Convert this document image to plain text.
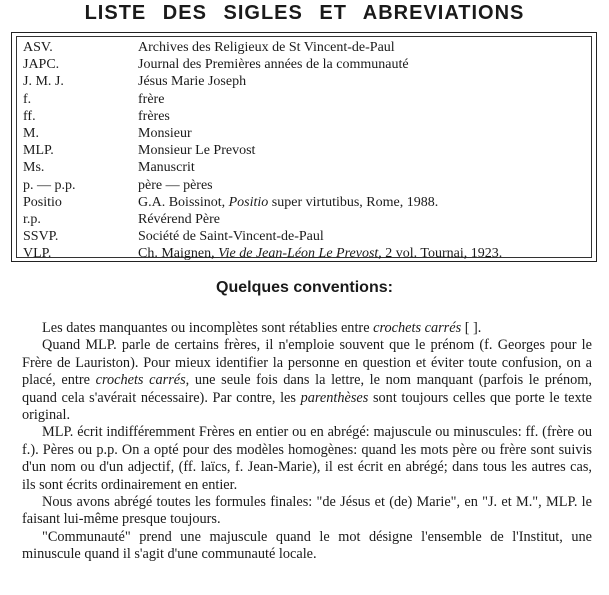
LISTE DES SIGLES ET ABREVIATIONS
ASV.	Archives des Religieux de St Vincent-de-Paul
JAPC.	Journal des Premières années de la communauté
J. M. J.	Jésus Marie Joseph
f.	frère
ff.	frères
M.	Monsieur
MLP.	Monsieur Le Prevost
Ms.	Manuscrit
p. — p.p.	père — pères
Positio	G.A. Boissinot, Positio super virtutibus, Rome, 1988.
r.p.	Révérend Père
SSVP.	Société de Saint-Vincent-de-Paul
VLP.	Ch. Maignen, Vie de Jean-Léon Le Prevost, 2 vol. Tournai, 1923.
Quelques conventions:

Les dates manquantes ou incomplètes sont rétablies entre crochets carrés [ ].

Quand MLP. parle de certains frères, il n'emploie souvent que le prénom (f. Georges pour le Frère de Lauriston). Pour mieux identifier la personne en question et éviter toute confusion, on a placé, entre crochets carrés, une seule fois dans la lettre, le nom manquant (parfois le prénom, quand cela s'avérait nécessaire). Par contre, les parenthèses sont toujours celles que porte le texte original.

MLP. écrit indifféremment Frères en entier ou en abrégé: majuscule ou minuscules: ff. (frère ou f.). Pères ou p.p. On a opté pour des modèles homogènes: quand les mots père ou frère sont suivis d'un nom ou d'un adjectif, (ff. laïcs, f. Jean-Marie), il est écrit en abrégé; dans tous les autres cas, ils sont écrits ordinairement en entier.

Nous avons abrégé toutes les formules finales: "de Jésus et (de) Marie", en "J. et M.", MLP. le faisant lui-même presque toujours.

"Communauté" prend une majuscule quand le mot désigne l'ensemble de l'Institut, une minuscule quand il s'agit d'une communauté locale.
